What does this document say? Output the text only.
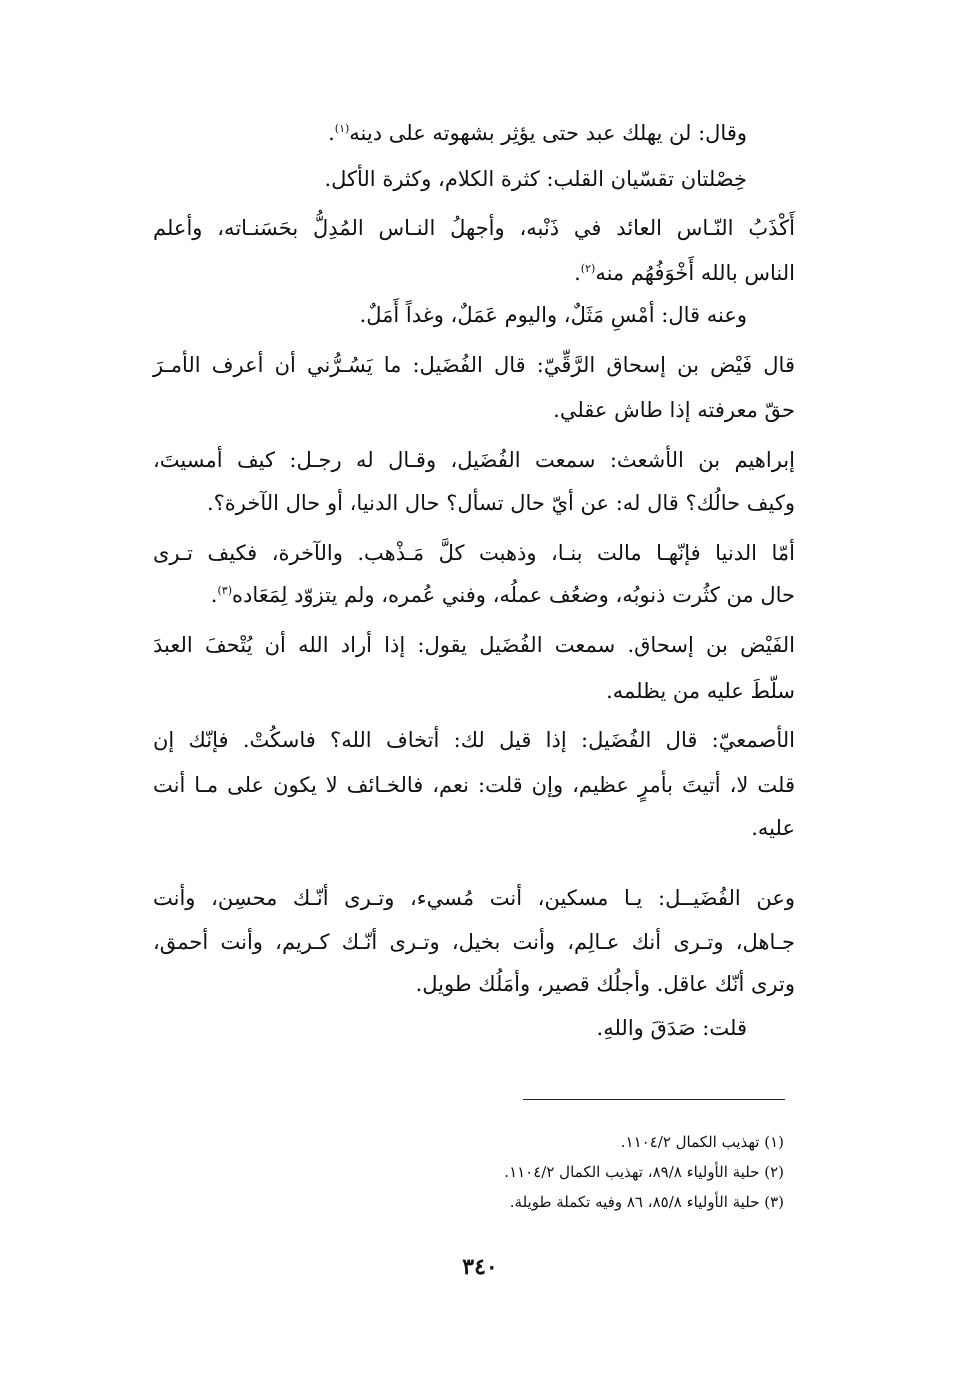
وقال: لن يهلك عبد حتى يؤثِر بشهوته على دينه$^{(١)}$.
خِصْلتان تقسّيان القلب: كثرة الكلام، وكثرة الأكل.
أَكْذَبُ النّـاس العائد في ذَنْبه، وأجهلُ النـاس المُدِلُّ بحَسَنـاته، وأعلم
الناس بالله أَخْوَفُهُم منه$^{(٢)}$.
وعنه قال: أمْسِ مَثَلٌ، واليوم عَمَلٌ، وغداً أَمَلٌ.
قال فَيْض بن إسحاق الرَّقِّيّ: قال الفُضَيل: ما يَسُـرُّني أن أعرف الأمـرَ
حقّ معرفته إذا طاش عقلي.
إبراهيم بن الأشعث: سمعت الفُضَيل، وقـال له رجـل: كيف أمسيتَ،
وكيف حالُك؟ قال له: عن أيّ حال تسأل؟ حال الدنيا، أو حال الآخرة؟.
أمّا الدنيا فإنّهـا مالت بنـا، وذهبت كلَّ مَـذْهب. والآخرة، فكيف تـرى
حال من كثُرت ذنوبُه، وضعُف عملُه، وفني عُمره، ولم يتزوّد لِمَعَاده$^{(٣)}$.
الفَيْض بن إسحاق. سمعت الفُضَيل يقول: إذا أراد الله أن يُتْحفَ العبدَ
سلّطَ عليه من يظلمه.
الأصمعيّ: قال الفُضَيل: إذا قيل لك: أتخاف الله؟ فاسكُتْ. فإنّك إن
قلت لا، أتيتَ بأمرٍ عظيم، وإن قلت: نعم، فالخـائف لا يكون على مـا أنت
عليه.
وعن الفُضَيــل: يـا مسكين، أنت مُسيء، وتـرى أنّـك محسِن، وأنت
جـاهل، وتـرى أنك عـالِم، وأنت بخيل، وتـرى أنّـك كـريم، وأنت أحمق،
وترى أنّك عاقل. وأجلُك قصير، وأمَلُك طويل.
قلت: صَدَقَ واللهِ.
(١) تهذيب الكمال ١١٠٤/٢.
(٢) حلية الأولياء ٨٩/٨، تهذيب الكمال ١١٠٤/٢.
(٣) حلية الأولياء ٨٥/٨، ٨٦ وفيه تكملة طويلة.
٣٤٠
